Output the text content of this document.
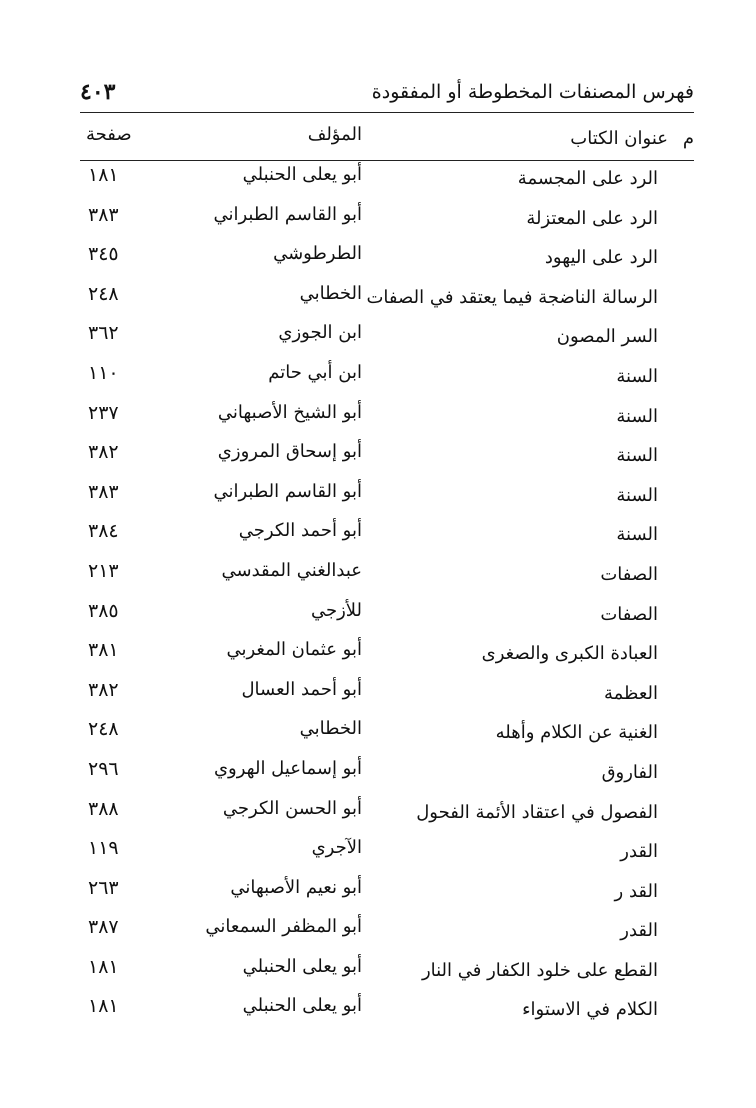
٤٠٣	فهرس المصنفات المخطوطة أو المفقودة
م
عنوان الكتاب
المؤلف
صفحة
الرد على المجسمة
أبو يعلى الحنبلي
١٨١
الرد على المعتزلة
أبو القاسم الطبراني
٣٨٣
الرد على اليهود
الطرطوشي
٣٤٥
الرسالة الناضجة فيما يعتقد في الصفات
الخطابي
٢٤٨
السر المصون
ابن الجوزي
٣٦٢
السنة
ابن أبي حاتم
١١٠
السنة
أبو الشيخ الأصبهاني
٢٣٧
السنة
أبو إسحاق المروزي
٣٨٢
السنة
أبو القاسم الطبراني
٣٨٣
السنة
أبو أحمد الكرجي
٣٨٤
الصفات
عبدالغني المقدسي
٢١٣
الصفات
للأزجي
٣٨٥
العبادة الكبرى والصغرى
أبو عثمان المغربي
٣٨١
العظمة
أبو أحمد العسال
٣٨٢
الغنية عن الكلام وأهله
الخطابي
٢٤٨
الفاروق
أبو إسماعيل الهروي
٢٩٦
الفصول في اعتقاد الأئمة الفحول
أبو الحسن الكرجي
٣٨٨
القدر
الآجري
١١٩
القد ر
أبو نعيم الأصبهاني
٢٦٣
القدر
أبو المظفر السمعاني
٣٨٧
القطع على خلود الكفار في النار
أبو يعلى الحنبلي
١٨١
الكلام في الاستواء
أبو يعلى الحنبلي
١٨١
